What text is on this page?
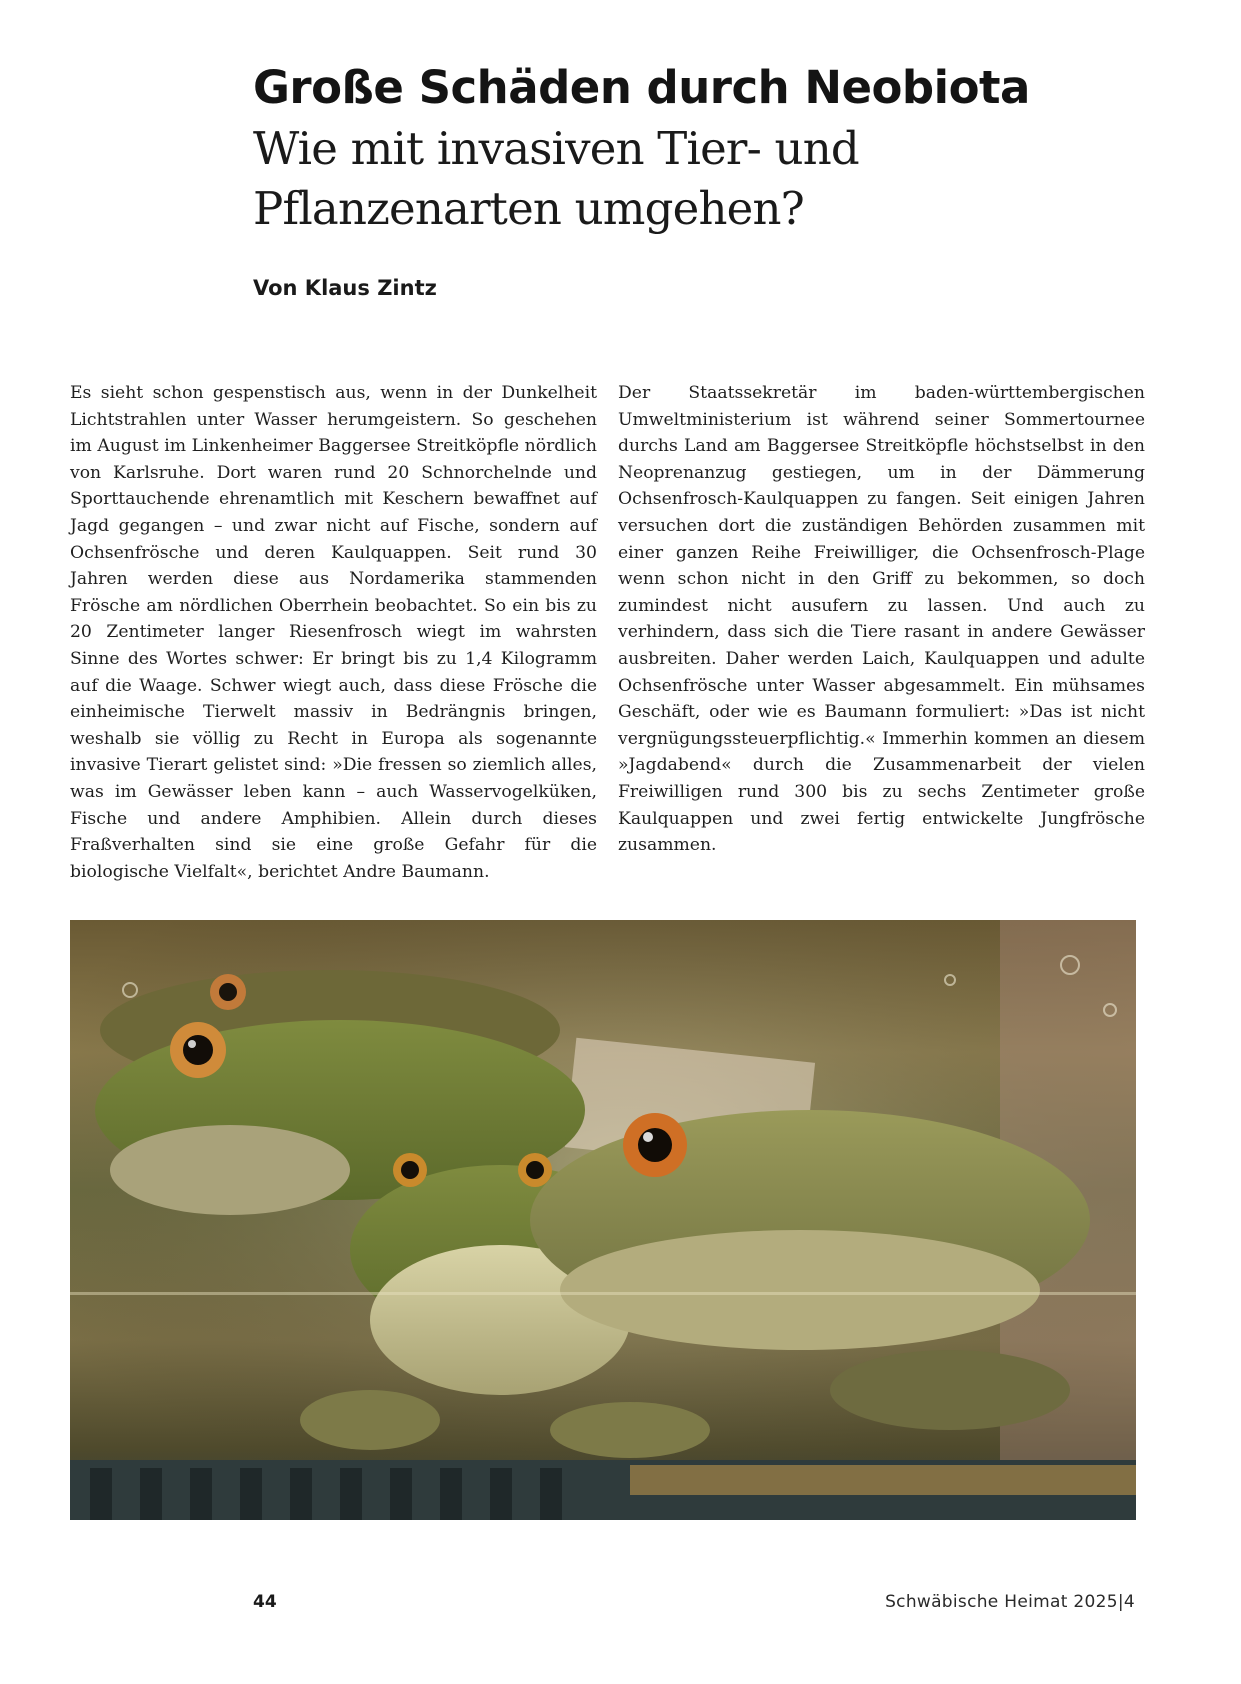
Große Schäden durch Neobiota
Wie mit invasiven Tier- und Pflanzenarten umgehen?

Von Klaus Zintz

Es sieht schon gespenstisch aus, wenn in der Dunkelheit Lichtstrahlen unter Wasser herumgeistern. So geschehen im August im Linkenheimer Baggersee Streitköpfle nördlich von Karlsruhe. Dort waren rund 20 Schnorchelnde und Sporttauchende ehrenamtlich mit Keschern bewaffnet auf Jagd gegangen – und zwar nicht auf Fische, sondern auf Ochsenfrösche und deren Kaulquappen. Seit rund 30 Jahren werden diese aus Nordamerika stammenden Frösche am nördlichen Oberrhein beobachtet. So ein bis zu 20 Zentimeter langer Riesenfrosch wiegt im wahrsten Sinne des Wortes schwer: Er bringt bis zu 1,4 Kilogramm auf die Waage. Schwer wiegt auch, dass diese Frösche die einheimische Tierwelt massiv in Bedrängnis bringen, weshalb sie völlig zu Recht in Europa als sogenannte invasive Tierart gelistet sind: »Die fressen so ziemlich alles, was im Gewässer leben kann – auch Wasservogelküken, Fische und andere Amphibien. Allein durch dieses Fraßverhalten sind sie eine große Gefahr für die biologische Vielfalt«, berichtet Andre Baumann.
Der Staatssekretär im baden-württembergischen Umweltministerium ist während seiner Sommertournee durchs Land am Baggersee Streitköpfle höchstselbst in den Neoprenanzug gestiegen, um in der Dämmerung Ochsenfrosch-Kaulquappen zu fangen. Seit einigen Jahren versuchen dort die zuständigen Behörden zusammen mit einer ganzen Reihe Freiwilliger, die Ochsenfrosch-Plage wenn schon nicht in den Griff zu bekommen, so doch zumindest nicht ausufern zu lassen. Und auch zu verhindern, dass sich die Tiere rasant in andere Gewässer ausbreiten. Daher werden Laich, Kaulquappen und adulte Ochsenfrösche unter Wasser abgesammelt. Ein mühsames Geschäft, oder wie es Baumann formuliert: »Das ist nicht vergnügungssteuerpflichtig.« Immerhin kommen an diesem »Jagdabend« durch die Zusammenarbeit der vielen Freiwilligen rund 300 bis zu sechs Zentimeter große Kaulquappen und zwei fertig entwickelte Jungfrösche zusammen.
44	Schwäbische Heimat 2025|4
